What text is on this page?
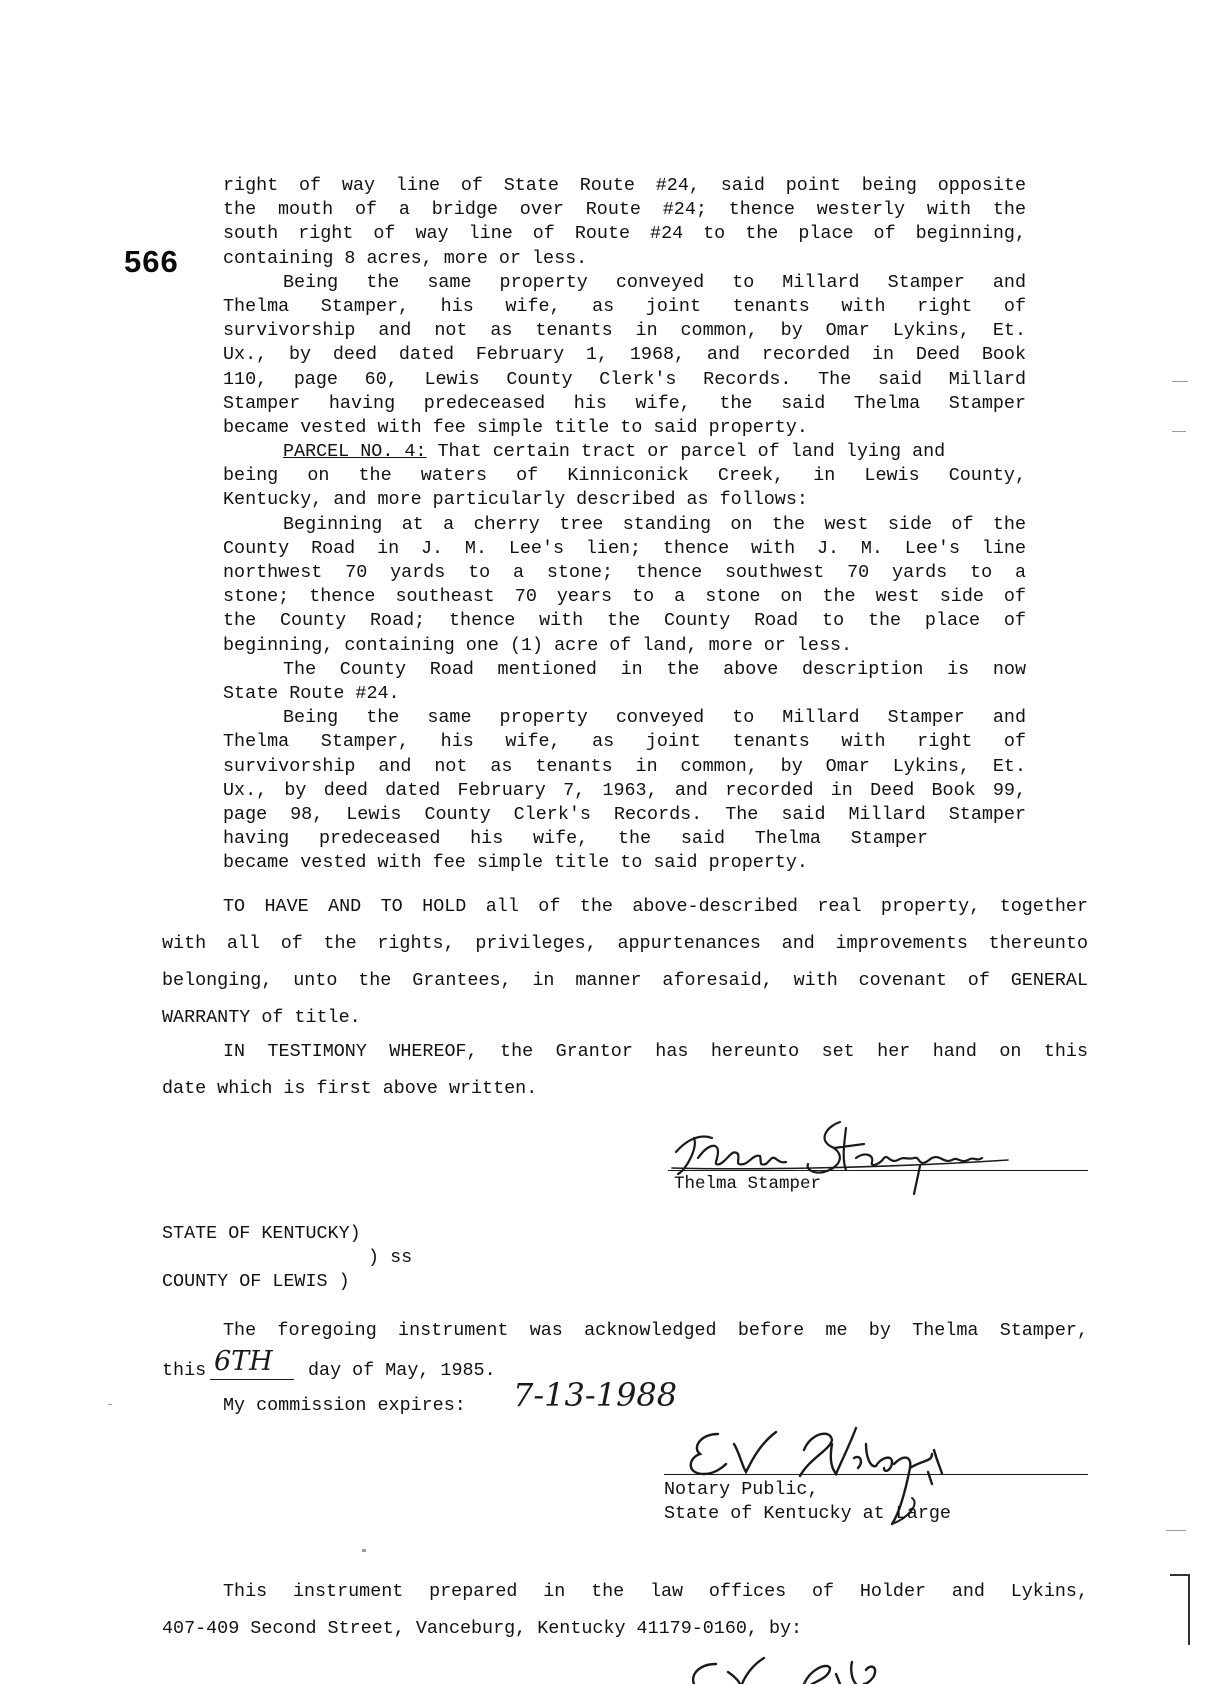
566
right of way line of State Route #24, said point being opposite
the mouth of a bridge over Route #24; thence westerly with the
south right of way line of Route #24 to the place of beginning,
containing 8 acres, more or less.
Being the same property conveyed to Millard Stamper and
Thelma Stamper, his wife, as joint tenants with right of
survivorship and not as tenants in common, by Omar Lykins, Et.
Ux., by deed dated February 1, 1968, and recorded in Deed Book
110, page 60, Lewis County Clerk's Records. The said Millard
Stamper having predeceased his wife, the said Thelma Stamper
became vested with fee simple title to said property.
PARCEL NO. 4: That certain tract or parcel of land lying and
being on the waters of Kinniconick Creek, in Lewis County,
Kentucky, and more particularly described as follows:
Beginning at a cherry tree standing on the west side of the
County Road in J. M. Lee's lien; thence with J. M. Lee's line
northwest 70 yards to a stone; thence southwest 70 yards to a
stone; thence southeast 70 years to a stone on the west side of
the County Road; thence with the County Road to the place of
beginning, containing one (1) acre of land, more or less.
The County Road mentioned in the above description is now
State Route #24.
Being the same property conveyed to Millard Stamper and
Thelma Stamper, his wife, as joint tenants with right of
survivorship and not as tenants in common, by Omar Lykins, Et.
Ux., by deed dated February 7, 1963, and recorded in Deed Book 99,
page 98, Lewis County Clerk's Records. The said Millard Stamper
having predeceased his wife, the said Thelma Stamper
became vested with fee simple title to said property.
TO HAVE AND TO HOLD all of the above-described real property, together
with all of the rights, privileges, appurtenances and improvements thereunto
belonging, unto the Grantees, in manner aforesaid, with covenant of GENERAL
WARRANTY of title.
IN TESTIMONY WHEREOF, the Grantor has hereunto set her hand on this
date which is first above written.
Thelma Stamper
STATE OF KENTUCKY)
) ss
COUNTY OF LEWIS )
The foregoing instrument was acknowledged before me by Thelma Stamper,
this 6TH day of May, 1985.
My commission expires: 7-13-1988
Notary Public,
State of Kentucky at Large
This instrument prepared in the law offices of Holder and Lykins,
407-409 Second Street, Vanceburg, Kentucky 41179-0160, by:
